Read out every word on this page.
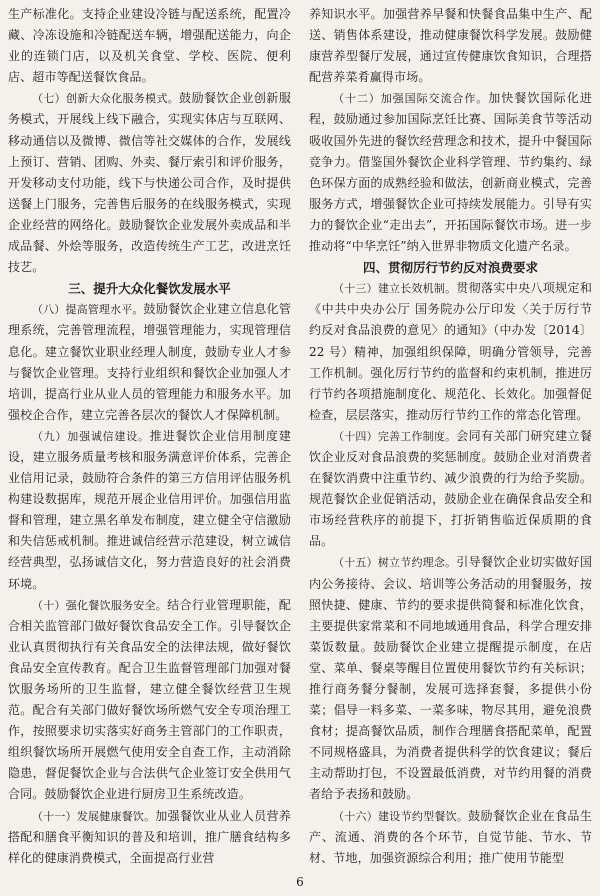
生产标准化。支持企业建设冷链与配送系统，配置冷藏、冷冻设施和冷链配送车辆，增强配送能力，向企业的连锁门店，以及机关食堂、学校、医院、便利店、超市等配送餐饮食品。

（七）创新大众化服务模式。鼓励餐饮企业创新服务模式，开展线上线下融合，实现实体店与互联网、移动通信以及微博、微信等社交媒体的合作，发展线上预订、营销、团购、外卖、餐厅索引和评价服务，开发移动支付功能，线下与快递公司合作，及时提供送餐上门服务，完善售后服务的在线服务模式，实现企业经营的网络化。鼓励餐饮企业发展外卖成品和半成品餐、外烩等服务，改造传统生产工艺，改进烹饪技艺。

三、提升大众化餐饮发展水平

（八）提高管理水平。鼓励餐饮企业建立信息化管理系统，完善管理流程，增强管理能力，实现管理信息化。建立餐饮业职业经理人制度，鼓励专业人才参与餐饮企业管理。支持行业组织和餐饮企业加强人才培训，提高行业从业人员的管理能力和服务水平。加强校企合作，建立完善各层次的餐饮人才保障机制。

（九）加强诚信建设。推进餐饮企业信用制度建设，建立服务质量考核和服务满意评价体系，完善企业信用记录，鼓励符合条件的第三方信用评估服务机构建设数据库，规范开展企业信用评价。加强信用监督和管理，建立黑名单发布制度，建立健全守信激励和失信惩戒机制。推进诚信经营示范建设，树立诚信经营典型，弘扬诚信文化，努力营造良好的社会消费环境。

（十）强化餐饮服务安全。结合行业管理职能，配合相关监管部门做好餐饮食品安全工作。引导餐饮企业认真贯彻执行有关食品安全的法律法规，做好餐饮食品安全宣传教育。配合卫生监督管理部门加强对餐饮服务场所的卫生监督，建立健全餐饮经营卫生规范。配合有关部门做好餐饮场所燃气安全专项治理工作，按照要求切实落实好商务主管部门的工作职责，组织餐饮场所开展燃气使用安全自查工作，主动消除隐患，督促餐饮企业与合法供气企业签订安全供用气合同。鼓励餐饮企业进行厨房卫生系统改造。

（十一）发展健康餐饮。加强餐饮业从业人员营养搭配和膳食平衡知识的普及和培训，推广膳食结构多样化的健康消费模式，全面提高行业营

养知识水平。加强营养早餐和快餐食品集中生产、配送、销售体系建设，推动健康餐饮科学发展。鼓励健康营养型餐厅发展，通过宣传健康饮食知识，合理搭配营养菜肴赢得市场。

（十二）加强国际交流合作。加快餐饮国际化进程，鼓励通过参加国际烹饪比赛、国际美食节等活动吸收国外先进的餐饮经营理念和技术，提升中餐国际竞争力。借鉴国外餐饮企业科学管理、节约集约、绿色环保方面的成熟经验和做法，创新商业模式，完善服务方式，增强餐饮企业可持续发展能力。引导有实力的餐饮企业“走出去”，开拓国际餐饮市场。进一步推动将“中华烹饪”纳入世界非物质文化遗产名录。

四、贯彻厉行节约反对浪费要求

（十三）建立长效机制。贯彻落实中央八项规定和《中共中央办公厅 国务院办公厅印发〈关于厉行节约反对食品浪费的意见〉的通知》（中办发〔2014〕22 号）精神，加强组织保障，明确分管领导，完善工作机制。强化厉行节约的监督和约束机制，推进厉行节约各项措施制度化、规范化、长效化。加强督促检查，层层落实，推动厉行节约工作的常态化管理。

（十四）完善工作制度。会同有关部门研究建立餐饮企业反对食品浪费的奖惩制度。鼓励企业对消费者在餐饮消费中注重节约、减少浪费的行为给予奖励。规范餐饮企业促销活动，鼓励企业在确保食品安全和市场经营秩序的前提下，打折销售临近保质期的食品。

（十五）树立节约理念。引导餐饮企业切实做好国内公务接待、会议、培训等公务活动的用餐服务，按照快捷、健康、节约的要求提供简餐和标准化饮食，主要提供家常菜和不同地域通用食品，科学合理安排菜饭数量。鼓励餐饮企业建立提醒提示制度，在店堂、菜单、餐桌等醒目位置使用餐饮节约有关标识；推行商务餐分餐制，发展可选择套餐，多提供小份菜；倡导一料多菜、一菜多味，物尽其用，避免浪费食材；提高餐饮品质，制作合理膳食搭配菜单，配置不同规格盛具，为消费者提供科学的饮食建议；餐后主动帮助打包，不设置最低消费，对节约用餐的消费者给予表扬和鼓励。

（十六）建设节约型餐饮。鼓励餐饮企业在食品生产、流通、消费的各个环节，自觉节能、节水、节材、节地，加强资源综合利用；推广使用节能型

6
